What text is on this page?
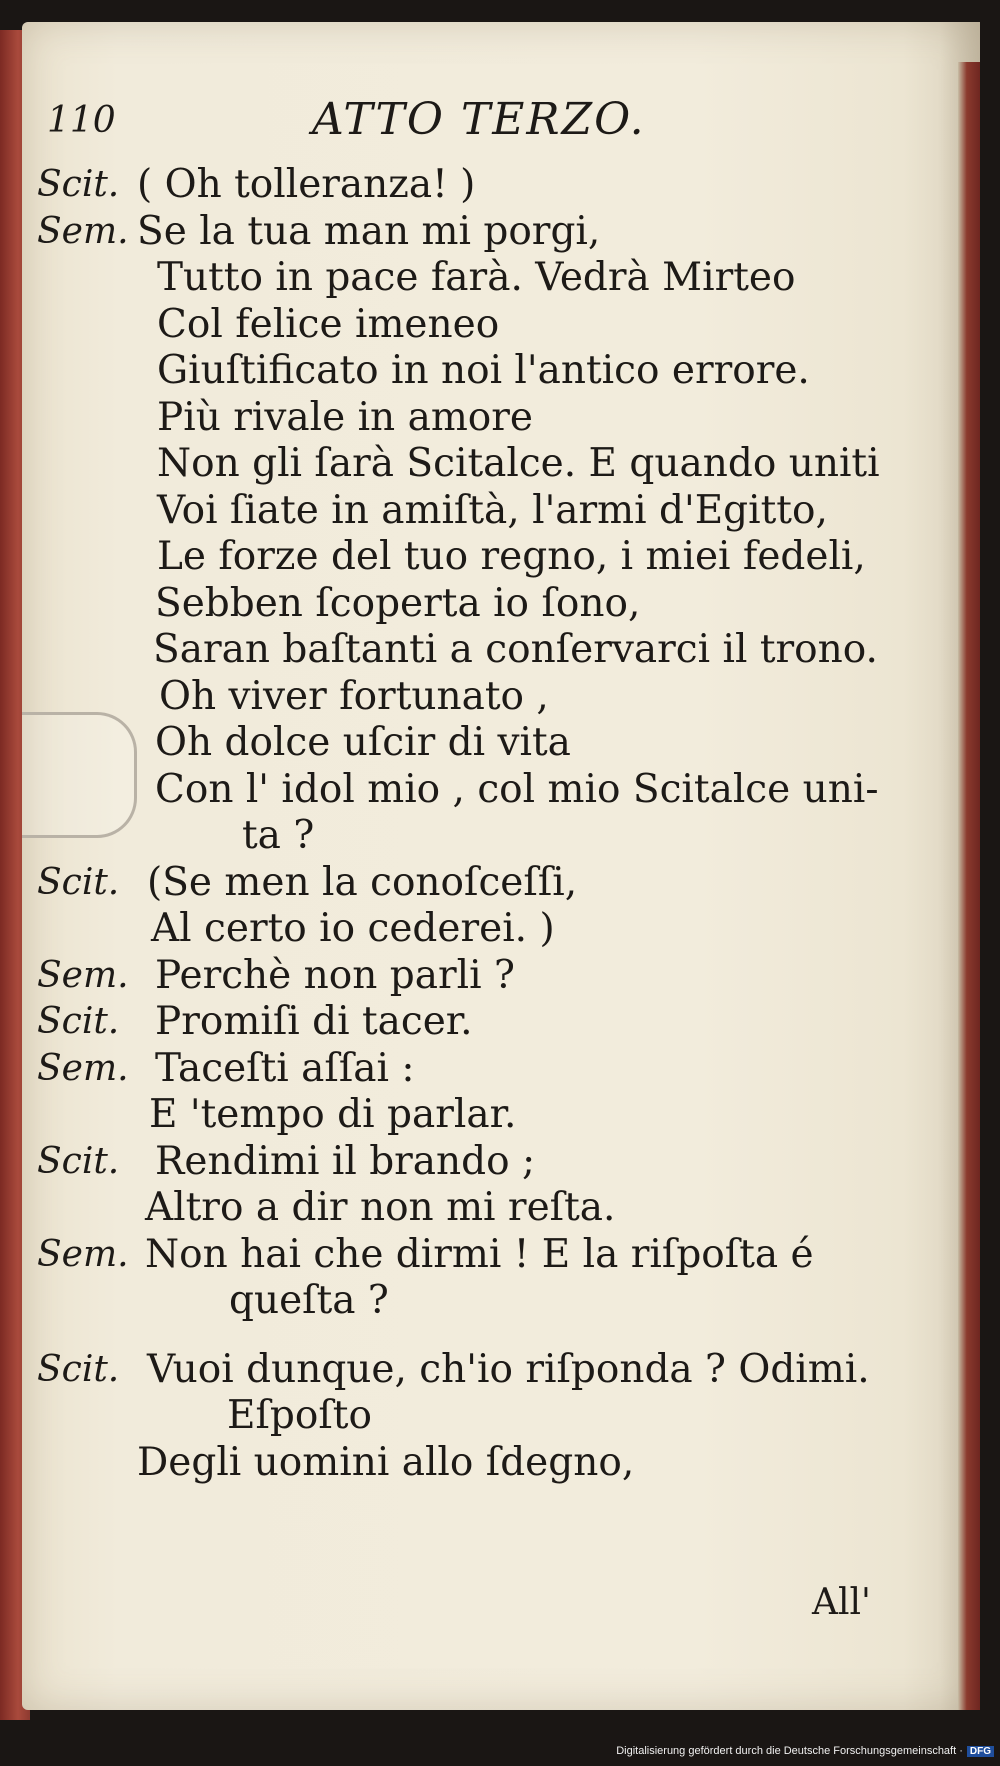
110	ATTO TERZO.
Scit. ( Oh tolleranza! )
Sem. Se la tua man mi porgi,
Tutto in pace farà. Vedrà Mirteo
Col felice imeneo
Giuſtificato in noi l'antico errore.
Più rivale in amore
Non gli ſarà Scitalce. E quando uniti
Voi ſiate in amiſtà, l'armi d'Egitto,
Le forze del tuo regno, i miei fedeli,
Sebben ſcoperta io ſono,
Saran baſtanti a conſervarci il trono.
Oh viver fortunato ,
Oh dolce uſcir di vita
Con l' idol mio , col mio Scitalce uni-
ta ?
Scit. (Se men la conoſceſſi,
Al certo io cederei. )
Sem. Perchè non parli ?
Scit. Promiſi di tacer.
Sem. Taceſti aſſai :
E 'tempo di parlar.
Scit. Rendimi il brando ;
Altro a dir non mi reſta.
Sem. Non hai che dirmi ! E la riſpoſta é
queſta ?
Scit. Vuoi dunque, ch'io riſponda ? Odimi.
Eſpoſto
Degli uomini allo ſdegno,
All'
Digitalisierung gefördert durch die Deutsche Forschungsgemeinschaft · DFG
